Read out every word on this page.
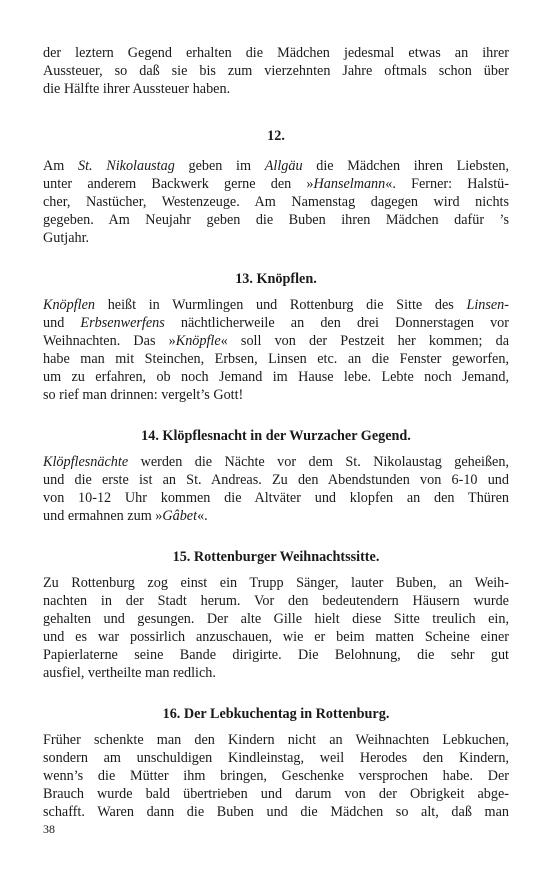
der leztern Gegend erhalten die Mädchen jedesmal etwas an ihrer
Aussteuer, so daß sie bis zum vierzehnten Jahre oftmals schon über
die Hälfte ihrer Aussteuer haben.

12.

Am St. Nikolaustag geben im Allgäu die Mädchen ihren Liebsten,
unter anderem Backwerk gerne den »Hanselmann«. Ferner: Halstü-
cher, Nastücher, Westenzeuge. Am Namenstag dagegen wird nichts
gegeben. Am Neujahr geben die Buben ihren Mädchen dafür ’s
Gutjahr.

13. Knöpflen.

Knöpflen heißt in Wurmlingen und Rottenburg die Sitte des Linsen-
und Erbsenwerfens nächtlicherweile an den drei Donnerstagen vor
Weihnachten. Das »Knöpfle« soll von der Pestzeit her kommen; da
habe man mit Steinchen, Erbsen, Linsen etc. an die Fenster geworfen,
um zu erfahren, ob noch Jemand im Hause lebe. Lebte noch Jemand,
so rief man drinnen: vergelt’s Gott!

14. Klöpflesnacht in der Wurzacher Gegend.

Klöpflesnächte werden die Nächte vor dem St. Nikolaustag geheißen,
und die erste ist an St. Andreas. Zu den Abendstunden von 6-10 und
von 10-12 Uhr kommen die Altväter und klopfen an den Thüren
und ermahnen zum »Gâbet«.

15. Rottenburger Weihnachtssitte.

Zu Rottenburg zog einst ein Trupp Sänger, lauter Buben, an Weih-
nachten in der Stadt herum. Vor den bedeutendern Häusern wurde
gehalten und gesungen. Der alte Gille hielt diese Sitte treulich ein,
und es war possirlich anzuschauen, wie er beim matten Scheine einer
Papierlaterne seine Bande dirigirte. Die Belohnung, die sehr gut
ausfiel, vertheilte man redlich.

16. Der Lebkuchentag in Rottenburg.

Früher schenkte man den Kindern nicht an Weihnachten Lebkuchen,
sondern am unschuldigen Kindleinstag, weil Herodes den Kindern,
wenn’s die Mütter ihm bringen, Geschenke versprochen habe. Der
Brauch wurde bald übertrieben und darum von der Obrigkeit abge-
schafft. Waren dann die Buben und die Mädchen so alt, daß man

38
